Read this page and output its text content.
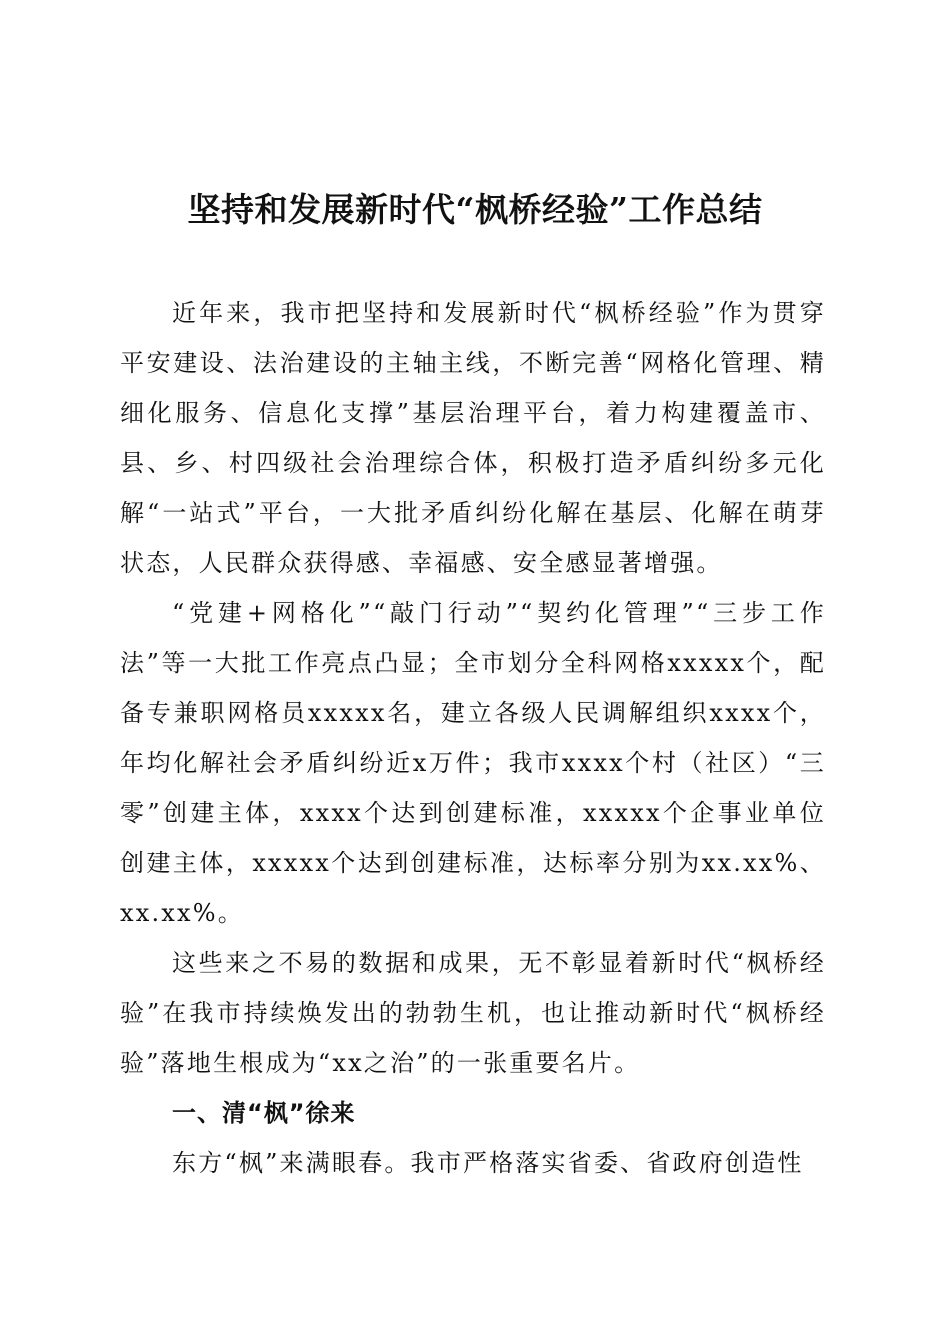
坚持和发展新时代“枫桥经验”工作总结

近年来，我市把坚持和发展新时代“枫桥经验”作为贯穿平安建设、法治建设的主轴主线，不断完善“网格化管理、精细化服务、信息化支撑”基层治理平台，着力构建覆盖市、县、乡、村四级社会治理综合体，积极打造矛盾纠纷多元化解“一站式”平台，一大批矛盾纠纷化解在基层、化解在萌芽状态，人民群众获得感、幸福感、安全感显著增强。

“党建+网格化”“敲门行动”“契约化管理”“三步工作法”等一大批工作亮点凸显；全市划分全科网格xxxxx个，配备专兼职网格员xxxxx名，建立各级人民调解组织xxxx个，年均化解社会矛盾纠纷近x万件；我市xxxx个村（社区）“三零”创建主体，xxxx个达到创建标准，xxxxx个企事业单位创建主体，xxxxx个达到创建标准，达标率分别为xx.xx%、xx.xx%。

这些来之不易的数据和成果，无不彰显着新时代“枫桥经验”在我市持续焕发出的勃勃生机，也让推动新时代“枫桥经验”落地生根成为“xx之治”的一张重要名片。

一、清“枫”徐来

东方“枫”来满眼春。我市严格落实省委、省政府创造性
